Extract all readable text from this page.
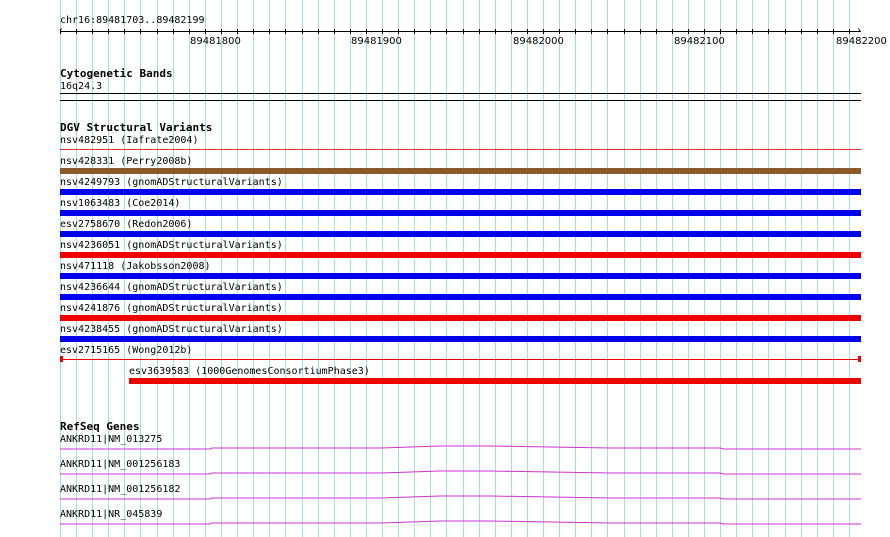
chr16:89481703..89482199
‹	›
89481800	89481900	89482000	89482100	89482200
Cytogenetic Bands
16q24.3
DGV Structural Variants
nsv482951 (Iafrate2004)
nsv428331 (Perry2008b)
nsv4249793 (gnomADStructuralVariants)
nsv1063483 (Coe2014)
esv2758670 (Redon2006)
nsv4236051 (gnomADStructuralVariants)
nsv471118 (Jakobsson2008)
nsv4236644 (gnomADStructuralVariants)
nsv4241876 (gnomADStructuralVariants)
nsv4238455 (gnomADStructuralVariants)
esv2715165 (Wong2012b)
esv3639583 (1000GenomesConsortiumPhase3)
RefSeq Genes
ANKRD11|NM_013275
ANKRD11|NM_001256183
ANKRD11|NM_001256182
ANKRD11|NR_045839
